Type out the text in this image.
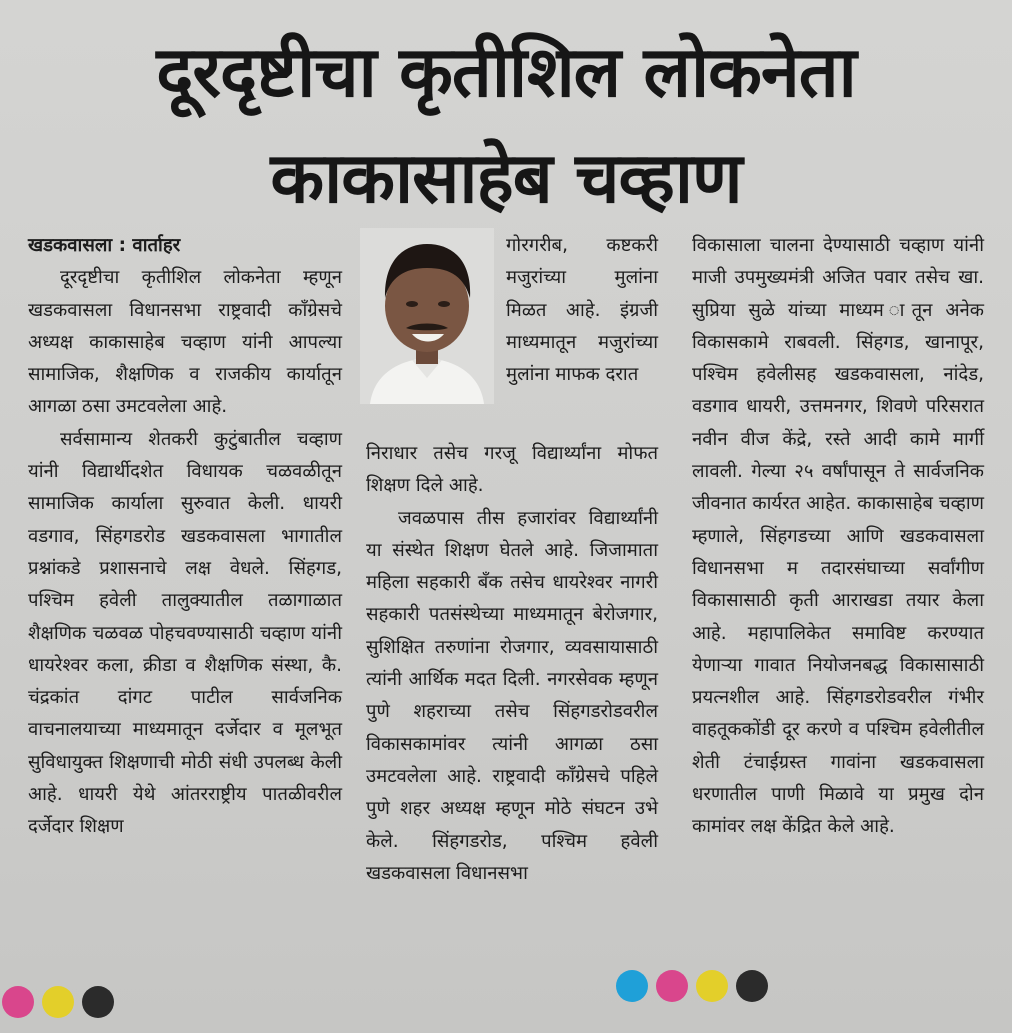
दूरदृष्टीचा कृतीशिल लोकनेता
काकासाहेब चव्हाण

खडकवासला : वार्ताहर

दूरदृष्टीचा कृतीशिल लोकनेता म्हणून खडकवासला विधानसभा राष्ट्रवादी काँग्रेसचे अध्यक्ष काकासाहेब चव्हाण यांनी आपल्या सामाजिक, शैक्षणिक व राजकीय कार्यातून आगळा ठसा उमटवलेला आहे.

सर्वसामान्य शेतकरी कुटुंबातील चव्हाण यांनी विद्यार्थीदशेत विधायक चळवळीतून सामाजिक कार्याला सुरुवात केली. धायरी वडगाव, सिंहगडरोड खडकवासला भागातील प्रश्नांकडे प्रशासनाचे लक्ष वेधले. सिंहगड, पश्चिम हवेली तालुक्यातील तळागाळात शैक्षणिक चळवळ पोहचवण्यासाठी चव्हाण यांनी धायरेश्वर कला, क्रीडा व शैक्षणिक संस्था, कै. चंद्रकांत दांगट पाटील सार्वजनिक वाचनालयाच्या माध्यमातून दर्जेदार व मूलभूत सुविधायुक्त शिक्षणाची मोठी संधी उपलब्ध केली आहे. धायरी येथे आंतरराष्ट्रीय पातळीवरील दर्जेदार शिक्षण

गोरगरीब, कष्टकरी मजुरांच्या मुलांना मिळत आहे. इंग्रजी माध्यमातून मजुरांच्या मुलांना माफक दरात

निराधार तसेच गरजू विद्यार्थ्यांना मोफत शिक्षण दिले आहे.

जवळपास तीस हजारांवर विद्यार्थ्यांनी या संस्थेत शिक्षण घेतले आहे. जिजामाता महिला सहकारी बँक तसेच धायरेश्वर नागरी सहकारी पतसंस्थेच्या माध्यमातून बेरोजगार, सुशिक्षित तरुणांना रोजगार, व्यवसायासाठी त्यांनी आर्थिक मदत दिली. नगरसेवक म्हणून पुणे शहराच्या तसेच सिंहगडरोडवरील विकासकामांवर त्यांनी आगळा ठसा उमटवलेला आहे. राष्ट्रवादी काँग्रेसचे पहिले पुणे शहर अध्यक्ष म्हणून मोठे संघटन उभे केले. सिंहगडरोड, पश्चिम हवेली खडकवासला विधानसभा

विकासाला चालना देण्यासाठी चव्हाण यांनी माजी उपमुख्यमंत्री अजित पवार तसेच खा. सुप्रिया सुळे यांच्या माध्यम ातून अनेक विकासकामे राबवली. सिंहगड, खानापूर, पश्चिम हवेलीसह खडकवासला, नांदेड, वडगाव धायरी, उत्तमनगर, शिवणे परिसरात नवीन वीज केंद्रे, रस्ते आदी कामे मार्गी लावली. गेल्या २५ वर्षांपासून ते सार्वजनिक जीवनात कार्यरत आहेत. काकासाहेब चव्हाण म्हणाले, सिंहगडच्या आणि खडकवासला विधानसभा म तदारसंघाच्या सर्वांगीण विकासासाठी कृती आराखडा तयार केला आहे. महापालिकेत समाविष्ट करण्यात येणाऱ्या गावात नियोजनबद्ध विकासासाठी प्रयत्नशील आहे. सिंहगडरोडवरील गंभीर वाहतूककोंडी दूर करणे व पश्चिम हवेलीतील शेती टंचाईग्रस्त गावांना खडकवासला धरणातील पाणी मिळावे या प्रमुख दोन कामांवर लक्ष केंद्रित केले आहे.
